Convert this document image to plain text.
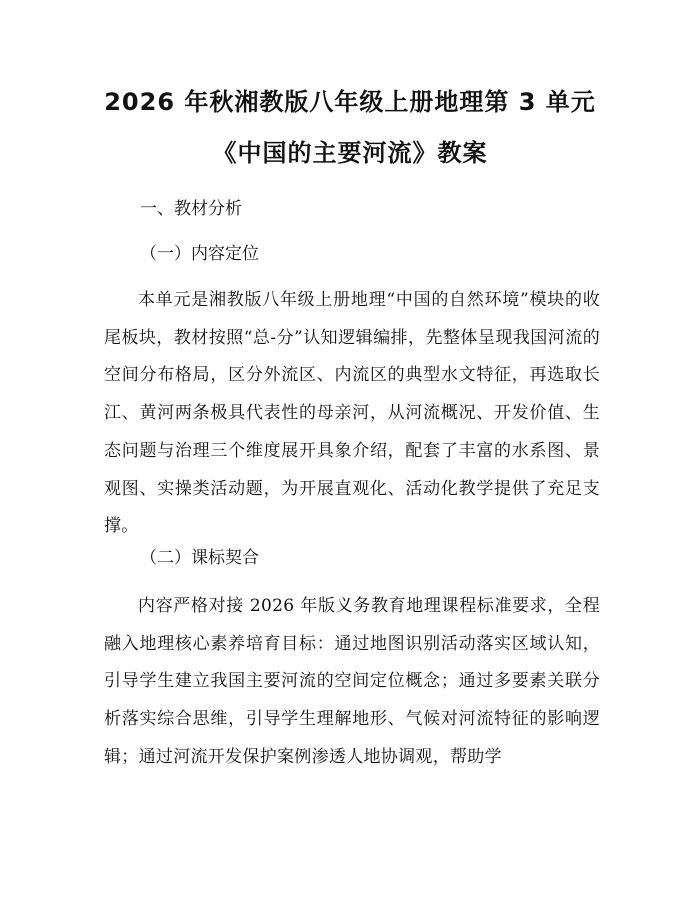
2026 年秋湘教版八年级上册地理第 3 单元
《中国的主要河流》教案
一、教材分析
（一）内容定位
本单元是湘教版八年级上册地理“中国的自然环境”模块的收尾板块，教材按照“总-分”认知逻辑编排，先整体呈现我国河流的空间分布格局，区分外流区、内流区的典型水文特征，再选取长江、黄河两条极具代表性的母亲河，从河流概况、开发价值、生态问题与治理三个维度展开具象介绍，配套了丰富的水系图、景观图、实操类活动题，为开展直观化、活动化教学提供了充足支撑。
（二）课标契合
内容严格对接 2026 年版义务教育地理课程标准要求，全程融入地理核心素养培育目标：通过地图识别活动落实区域认知，引导学生建立我国主要河流的空间定位概念；通过多要素关联分析落实综合思维，引导学生理解地形、气候对河流特征的影响逻辑；通过河流开发保护案例渗透人地协调观，帮助学
